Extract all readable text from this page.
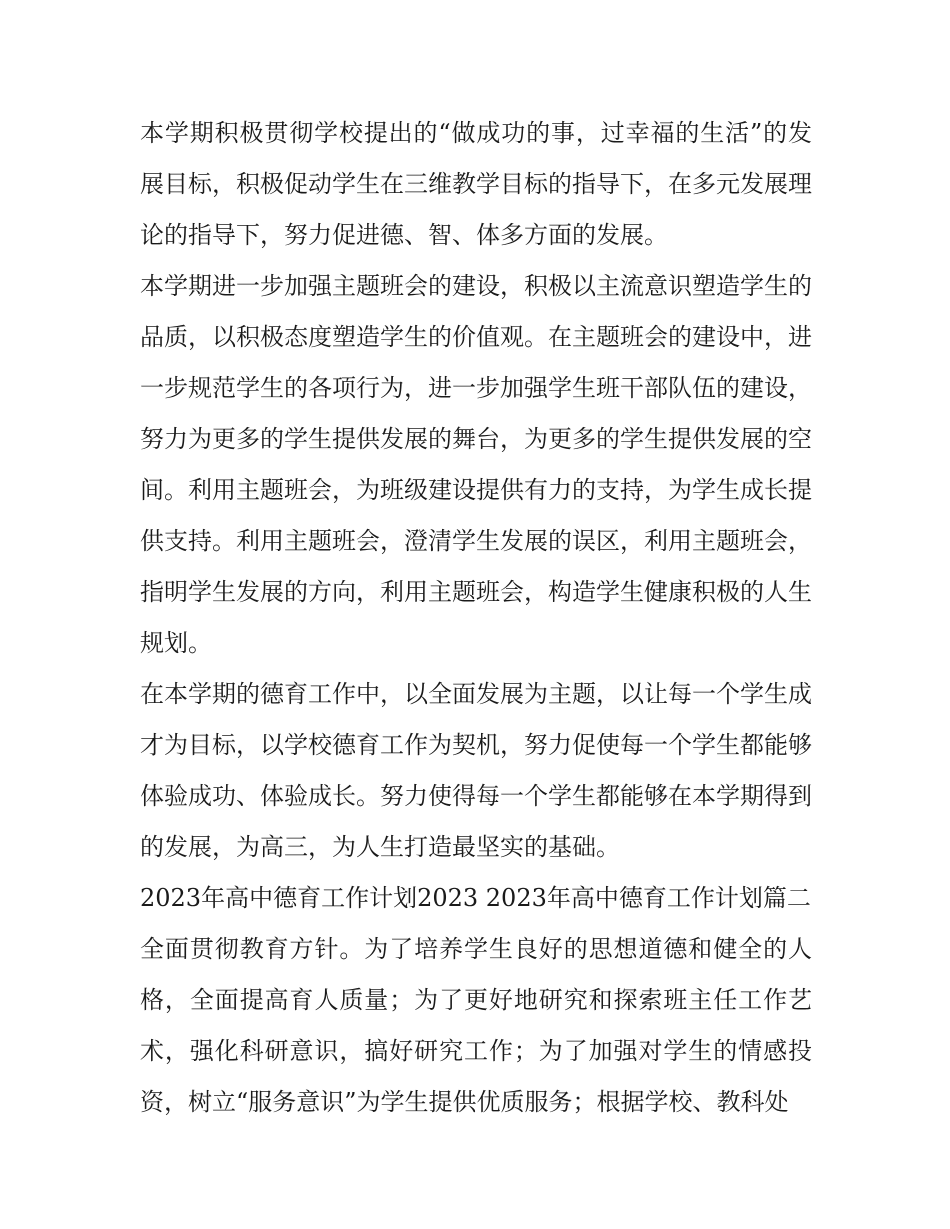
本学期积极贯彻学校提出的“做成功的事，过幸福的生活”的发展目标，积极促动学生在三维教学目标的指导下，在多元发展理论的指导下，努力促进德、智、体多方面的发展。

本学期进一步加强主题班会的建设，积极以主流意识塑造学生的品质，以积极态度塑造学生的价值观。在主题班会的建设中，进一步规范学生的各项行为，进一步加强学生班干部队伍的建设，努力为更多的学生提供发展的舞台，为更多的学生提供发展的空间。利用主题班会，为班级建设提供有力的支持，为学生成长提供支持。利用主题班会，澄清学生发展的误区，利用主题班会，指明学生发展的方向，利用主题班会，构造学生健康积极的人生规划。

在本学期的德育工作中，以全面发展为主题，以让每一个学生成才为目标，以学校德育工作为契机，努力促使每一个学生都能够体验成功、体验成长。努力使得每一个学生都能够在本学期得到的发展，为高三，为人生打造最坚实的基础。

2023年高中德育工作计划2023 2023年高中德育工作计划篇二

全面贯彻教育方针。为了培养学生良好的思想道德和健全的人格，全面提高育人质量；为了更好地研究和探索班主任工作艺术，强化科研意识，搞好研究工作；为了加强对学生的情感投资，树立“服务意识”为学生提供优质服务；根据学校、教科处
